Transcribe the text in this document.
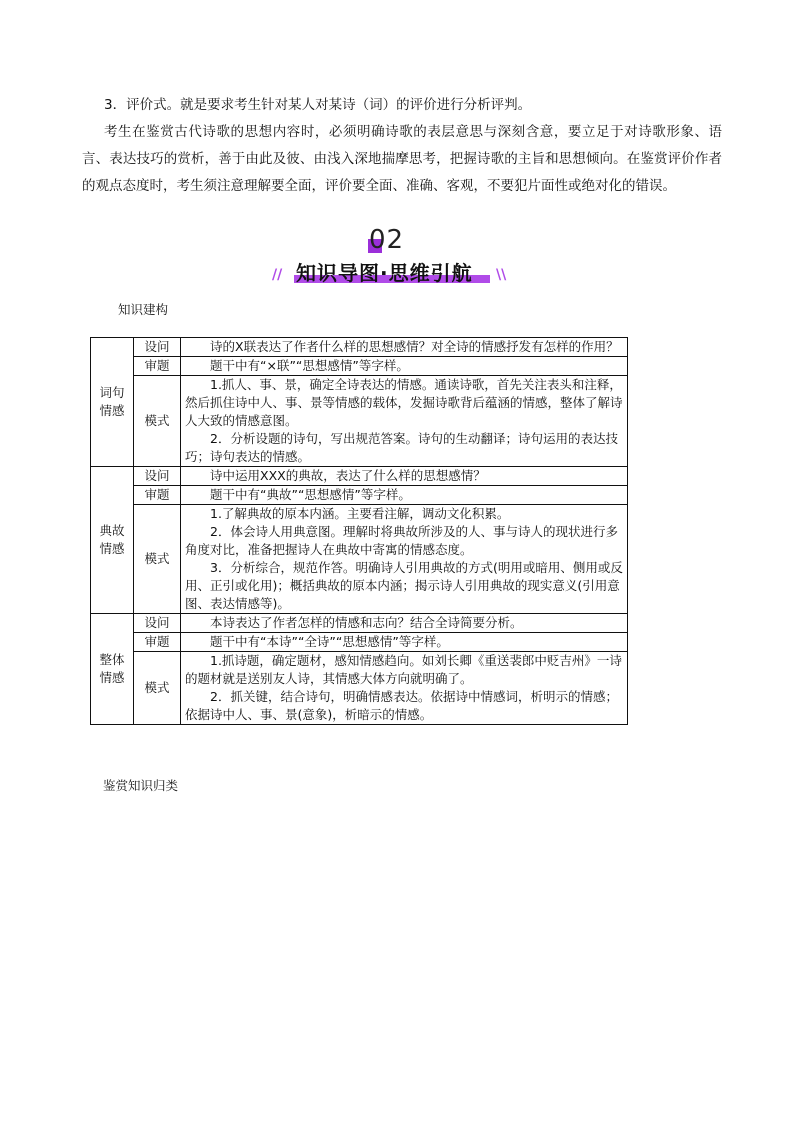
3．评价式。就是要求考生针对某人对某诗（词）的评价进行分析评判。

考生在鉴赏古代诗歌的思想内容时，必须明确诗歌的表层意思与深刻含意，要立足于对诗歌形象、语言、表达技巧的赏析，善于由此及彼、由浅入深地揣摩思考，把握诗歌的主旨和思想倾向。在鉴赏评价作者的观点态度时，考生须注意理解要全面，评价要全面、准确、客观，不要犯片面性或绝对化的错误。

02
// 知识导图·思维引航 \\
知识建构
词句
情感	设问	诗的X联表达了作者什么样的思想感情？对全诗的情感抒发有怎样的作用？

	审题	题干中有“×联”“思想感情”等字样。

	模式	1.抓人、事、景，确定全诗表达的情感。通读诗歌，首先关注表头和注释，然后抓住诗中人、事、景等情感的载体，发掘诗歌背后蕴涵的情感，整体了解诗人大致的情感意图。
2．分析设题的诗句，写出规范答案。诗句的生动翻译；诗句运用的表达技巧；诗句表达的情感。

典故
情感	设问	诗中运用XXX的典故，表达了什么样的思想感情？

	审题	题干中有“典故”“思想感情”等字样。

	模式	1.了解典故的原本内涵。主要看注解，调动文化积累。
2．体会诗人用典意图。理解时将典故所涉及的人、事与诗人的现状进行多角度对比，准备把握诗人在典故中寄寓的情感态度。
3．分析综合，规范作答。明确诗人引用典故的方式(明用或暗用、侧用或反用、正引或化用)；概括典故的原本内涵；揭示诗人引用典故的现实意义(引用意图、表达情感等)。

整体
情感	设问	本诗表达了作者怎样的情感和志向？结合全诗简要分析。

	审题	题干中有“本诗”“全诗”“思想感情”等字样。

	模式	1.抓诗题，确定题材，感知情感趋向。如刘长卿《重送裴郎中贬吉州》一诗的题材就是送别友人诗，其情感大体方向就明确了。
2．抓关键，结合诗句，明确情感表达。依据诗中情感词，析明示的情感；依据诗中人、事、景(意象)，析暗示的情感。
鉴赏知识归类
